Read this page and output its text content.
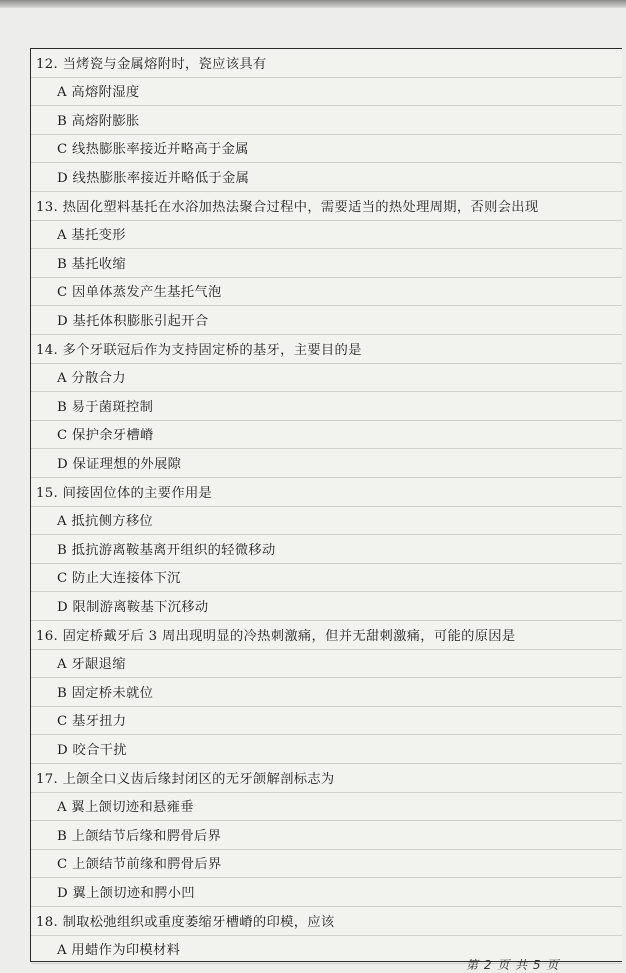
12. 当烤瓷与金属熔附时，瓷应该具有
A 高熔附湿度
B 高熔附膨胀
C 线热膨胀率接近并略高于金属
D 线热膨胀率接近并略低于金属
13. 热固化塑料基托在水浴加热法聚合过程中，需要适当的热处理周期，否则会出现
A 基托变形
B 基托收缩
C 因单体蒸发产生基托气泡
D 基托体积膨胀引起开合
14. 多个牙联冠后作为支持固定桥的基牙，主要目的是
A 分散合力
B 易于菌斑控制
C 保护余牙槽嵴
D 保证理想的外展隙
15. 间接固位体的主要作用是
A 抵抗侧方移位
B 抵抗游离鞍基离开组织的轻微移动
C 防止大连接体下沉
D 限制游离鞍基下沉移动
16. 固定桥戴牙后 3 周出现明显的冷热刺激痛，但并无甜刺激痛，可能的原因是
A 牙龈退缩
B 固定桥未就位
C 基牙扭力
D 咬合干扰
17. 上颌全口义齿后缘封闭区的无牙颌解剖标志为
A 翼上颌切迹和悬雍垂
B 上颌结节后缘和腭骨后界
C 上颌结节前缘和腭骨后界
D 翼上颌切迹和腭小凹
18. 制取松弛组织或重度萎缩牙槽嵴的印模，应该
A 用蜡作为印模材料
第 2 页 共 5 页
